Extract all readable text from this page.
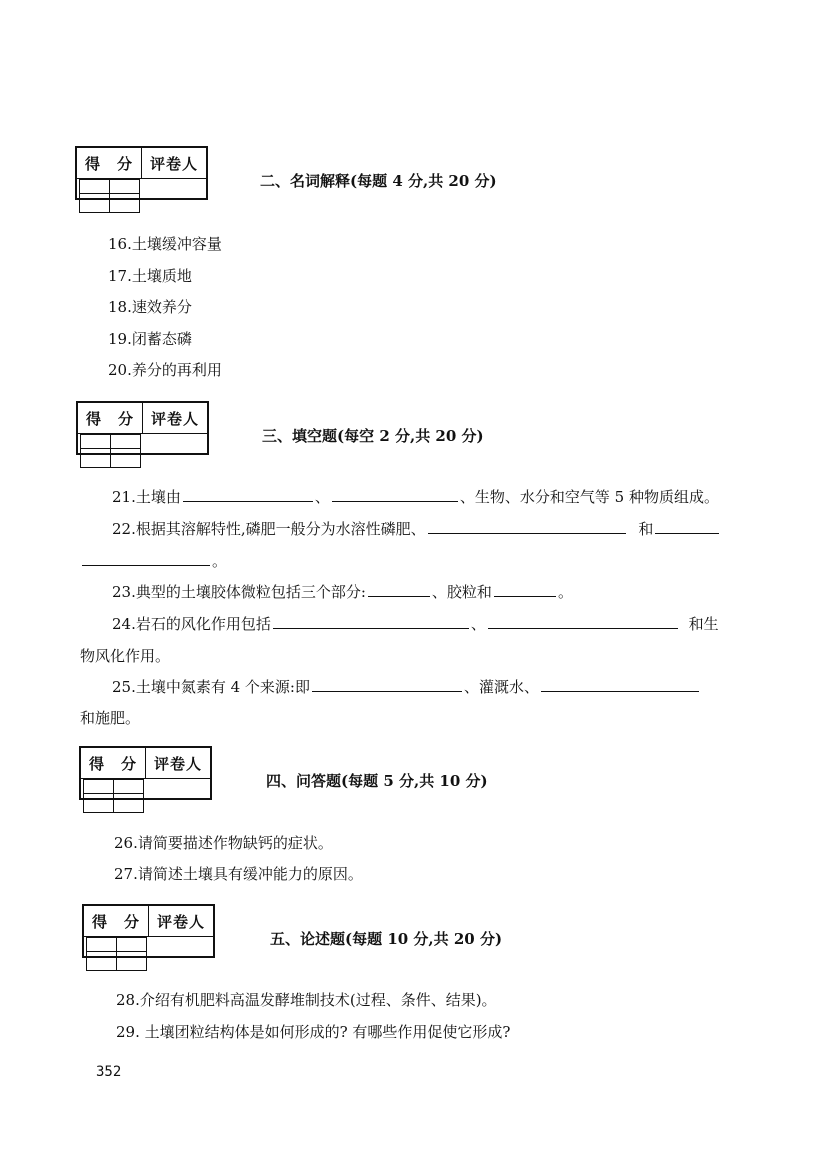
得　分	评卷人

二、名词解释(每题 4 分,共 20 分)
16.土壤缓冲容量
17.土壤质地
18.速效养分
19.闭蓄态磷
20.养分的再利用
得　分	评卷人

三、填空题(每空 2 分,共 20 分)
21.土壤由	、	、生物、水分和空气等 5 种物质组成。
22.根据其溶解特性,磷肥一般分为水溶性磷肥、	和
。
23.典型的土壤胶体微粒包括三个部分:	、胶粒和	。
24.岩石的风化作用包括	、	和生
物风化作用。
25.土壤中氮素有 4 个来源:即	、灌溉水、
和施肥。
得　分	评卷人

四、问答题(每题 5 分,共 10 分)
26.请简要描述作物缺钙的症状。
27.请简述土壤具有缓冲能力的原因。
得　分	评卷人

五、论述题(每题 10 分,共 20 分)
28.介绍有机肥料高温发酵堆制技术(过程、条件、结果)。
29. 土壤团粒结构体是如何形成的? 有哪些作用促使它形成?
352
